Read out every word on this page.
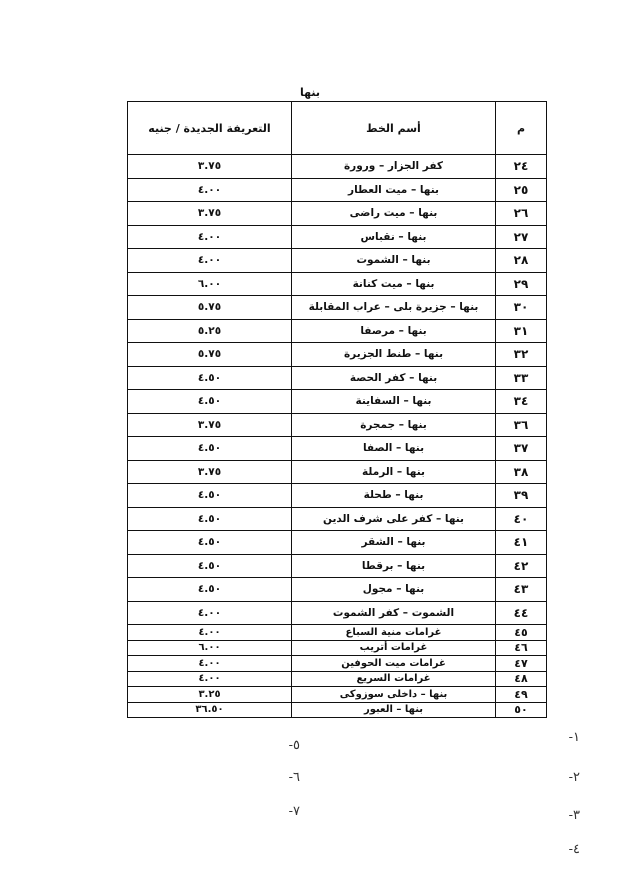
بنها
م	أسم الخط	التعريفة الجديدة / جنيه
٢٤	كفر الجزار – ورورة	٣.٧٥
٢٥	بنها – ميت العطار	٤.٠٠
٢٦	بنها – ميت راضى	٣.٧٥
٢٧	بنها – نقباس	٤.٠٠
٢٨	بنها – الشموت	٤.٠٠
٢٩	بنها – ميت كنانة	٦.٠٠
٣٠	بنها – جزيرة بلى – عراب المقابلة	٥.٧٥
٣١	بنها – مرصفا	٥.٢٥
٣٢	بنها – طنط الجزيرة	٥.٧٥
٣٣	بنها – كفر الحصة	٤.٥٠
٣٤	بنها – السفاينة	٤.٥٠
٣٦	بنها – جمجرة	٣.٧٥
٣٧	بنها – الصفا	٤.٥٠
٣٨	بنها – الرملة	٣.٧٥
٣٩	بنها – طحلة	٤.٥٠
٤٠	بنها – كفر على شرف الدين	٤.٥٠
٤١	بنها – الشقر	٤.٥٠
٤٢	بنها – برقطا	٤.٥٠
٤٣	بنها – مجول	٤.٥٠
٤٤	الشموت – كفر الشموت	٤.٠٠
٤٥	غرامات منية السباع	٤.٠٠
٤٦	غرامات أتريب	٦.٠٠
٤٧	غرامات ميت الحوفين	٤.٠٠
٤٨	غرامات السريع	٤.٠٠
٤٩	بنها – داخلى سوزوكى	٣.٢٥
٥٠	بنها – العبور	٣٦.٥٠
١-
٢-
٣-
٤-
٥-
٦-
٧-
